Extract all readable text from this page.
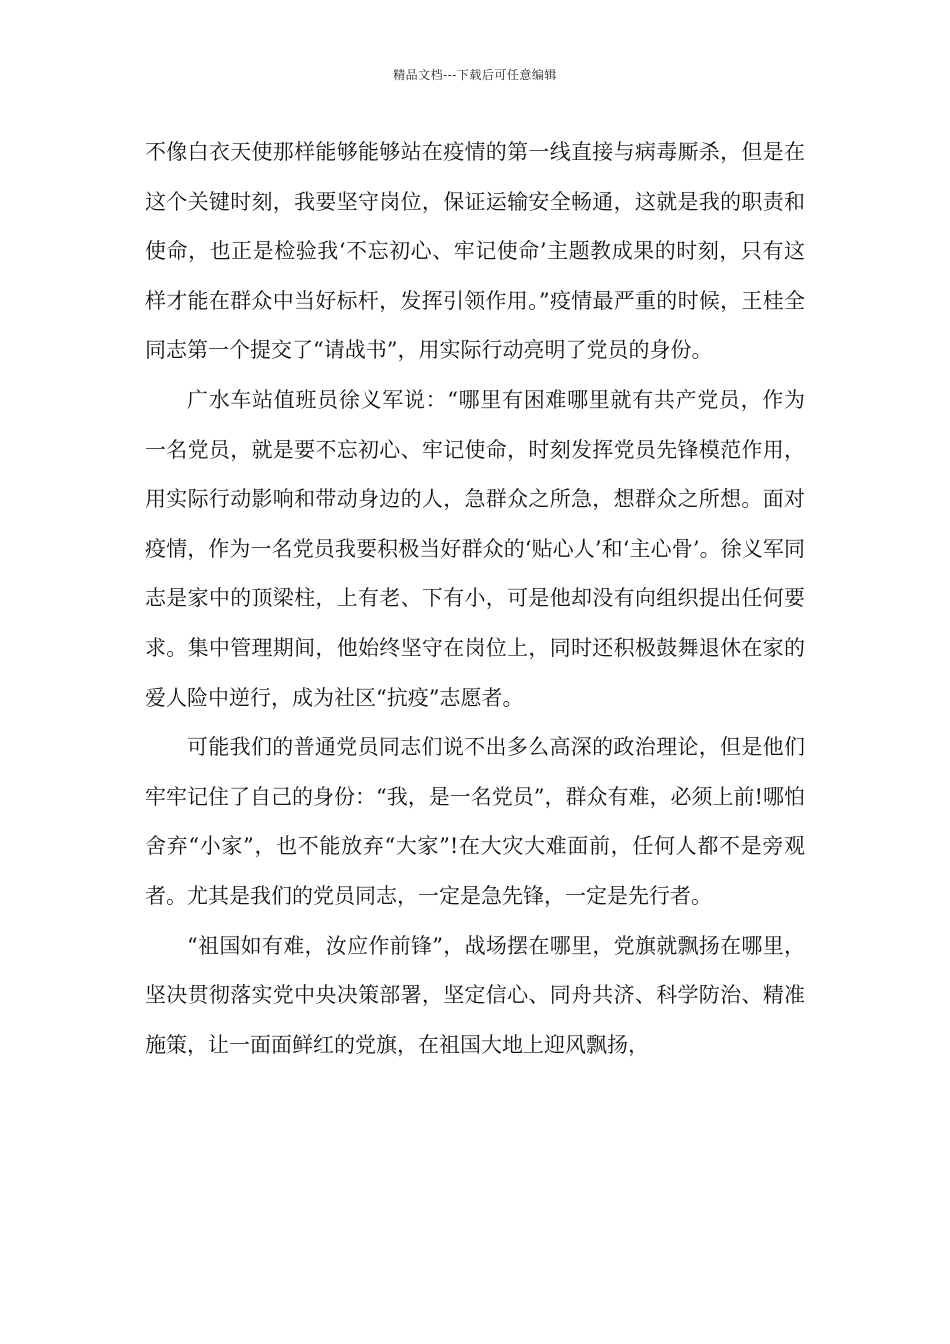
精品文档---下载后可任意编辑

不像白衣天使那样能够能够站在疫情的第一线直接与病毒厮杀，但是在这个关键时刻，我要坚守岗位，保证运输安全畅通，这就是我的职责和使命，也正是检验我‘不忘初心、牢记使命’主题教成果的时刻，只有这样才能在群众中当好标杆，发挥引领作用。”疫情最严重的时候，王桂全同志第一个提交了“请战书”，用实际行动亮明了党员的身份。

广水车站值班员徐义军说：“哪里有困难哪里就有共产党员，作为一名党员，就是要不忘初心、牢记使命，时刻发挥党员先锋模范作用，用实际行动影响和带动身边的人，急群众之所急，想群众之所想。面对疫情，作为一名党员我要积极当好群众的‘贴心人’和‘主心骨’。徐义军同志是家中的顶梁柱，上有老、下有小，可是他却没有向组织提出任何要求。集中管理期间，他始终坚守在岗位上，同时还积极鼓舞退休在家的爱人险中逆行，成为社区“抗疫”志愿者。

可能我们的普通党员同志们说不出多么高深的政治理论，但是他们牢牢记住了自己的身份：“我，是一名党员”，群众有难，必须上前!哪怕舍弃“小家”，也不能放弃“大家”!在大灾大难面前，任何人都不是旁观者。尤其是我们的党员同志，一定是急先锋，一定是先行者。

“祖国如有难，汝应作前锋”，战场摆在哪里，党旗就飘扬在哪里，坚决贯彻落实党中央决策部署，坚定信心、同舟共济、科学防治、精准施策，让一面面鲜红的党旗，在祖国大地上迎风飘扬，
